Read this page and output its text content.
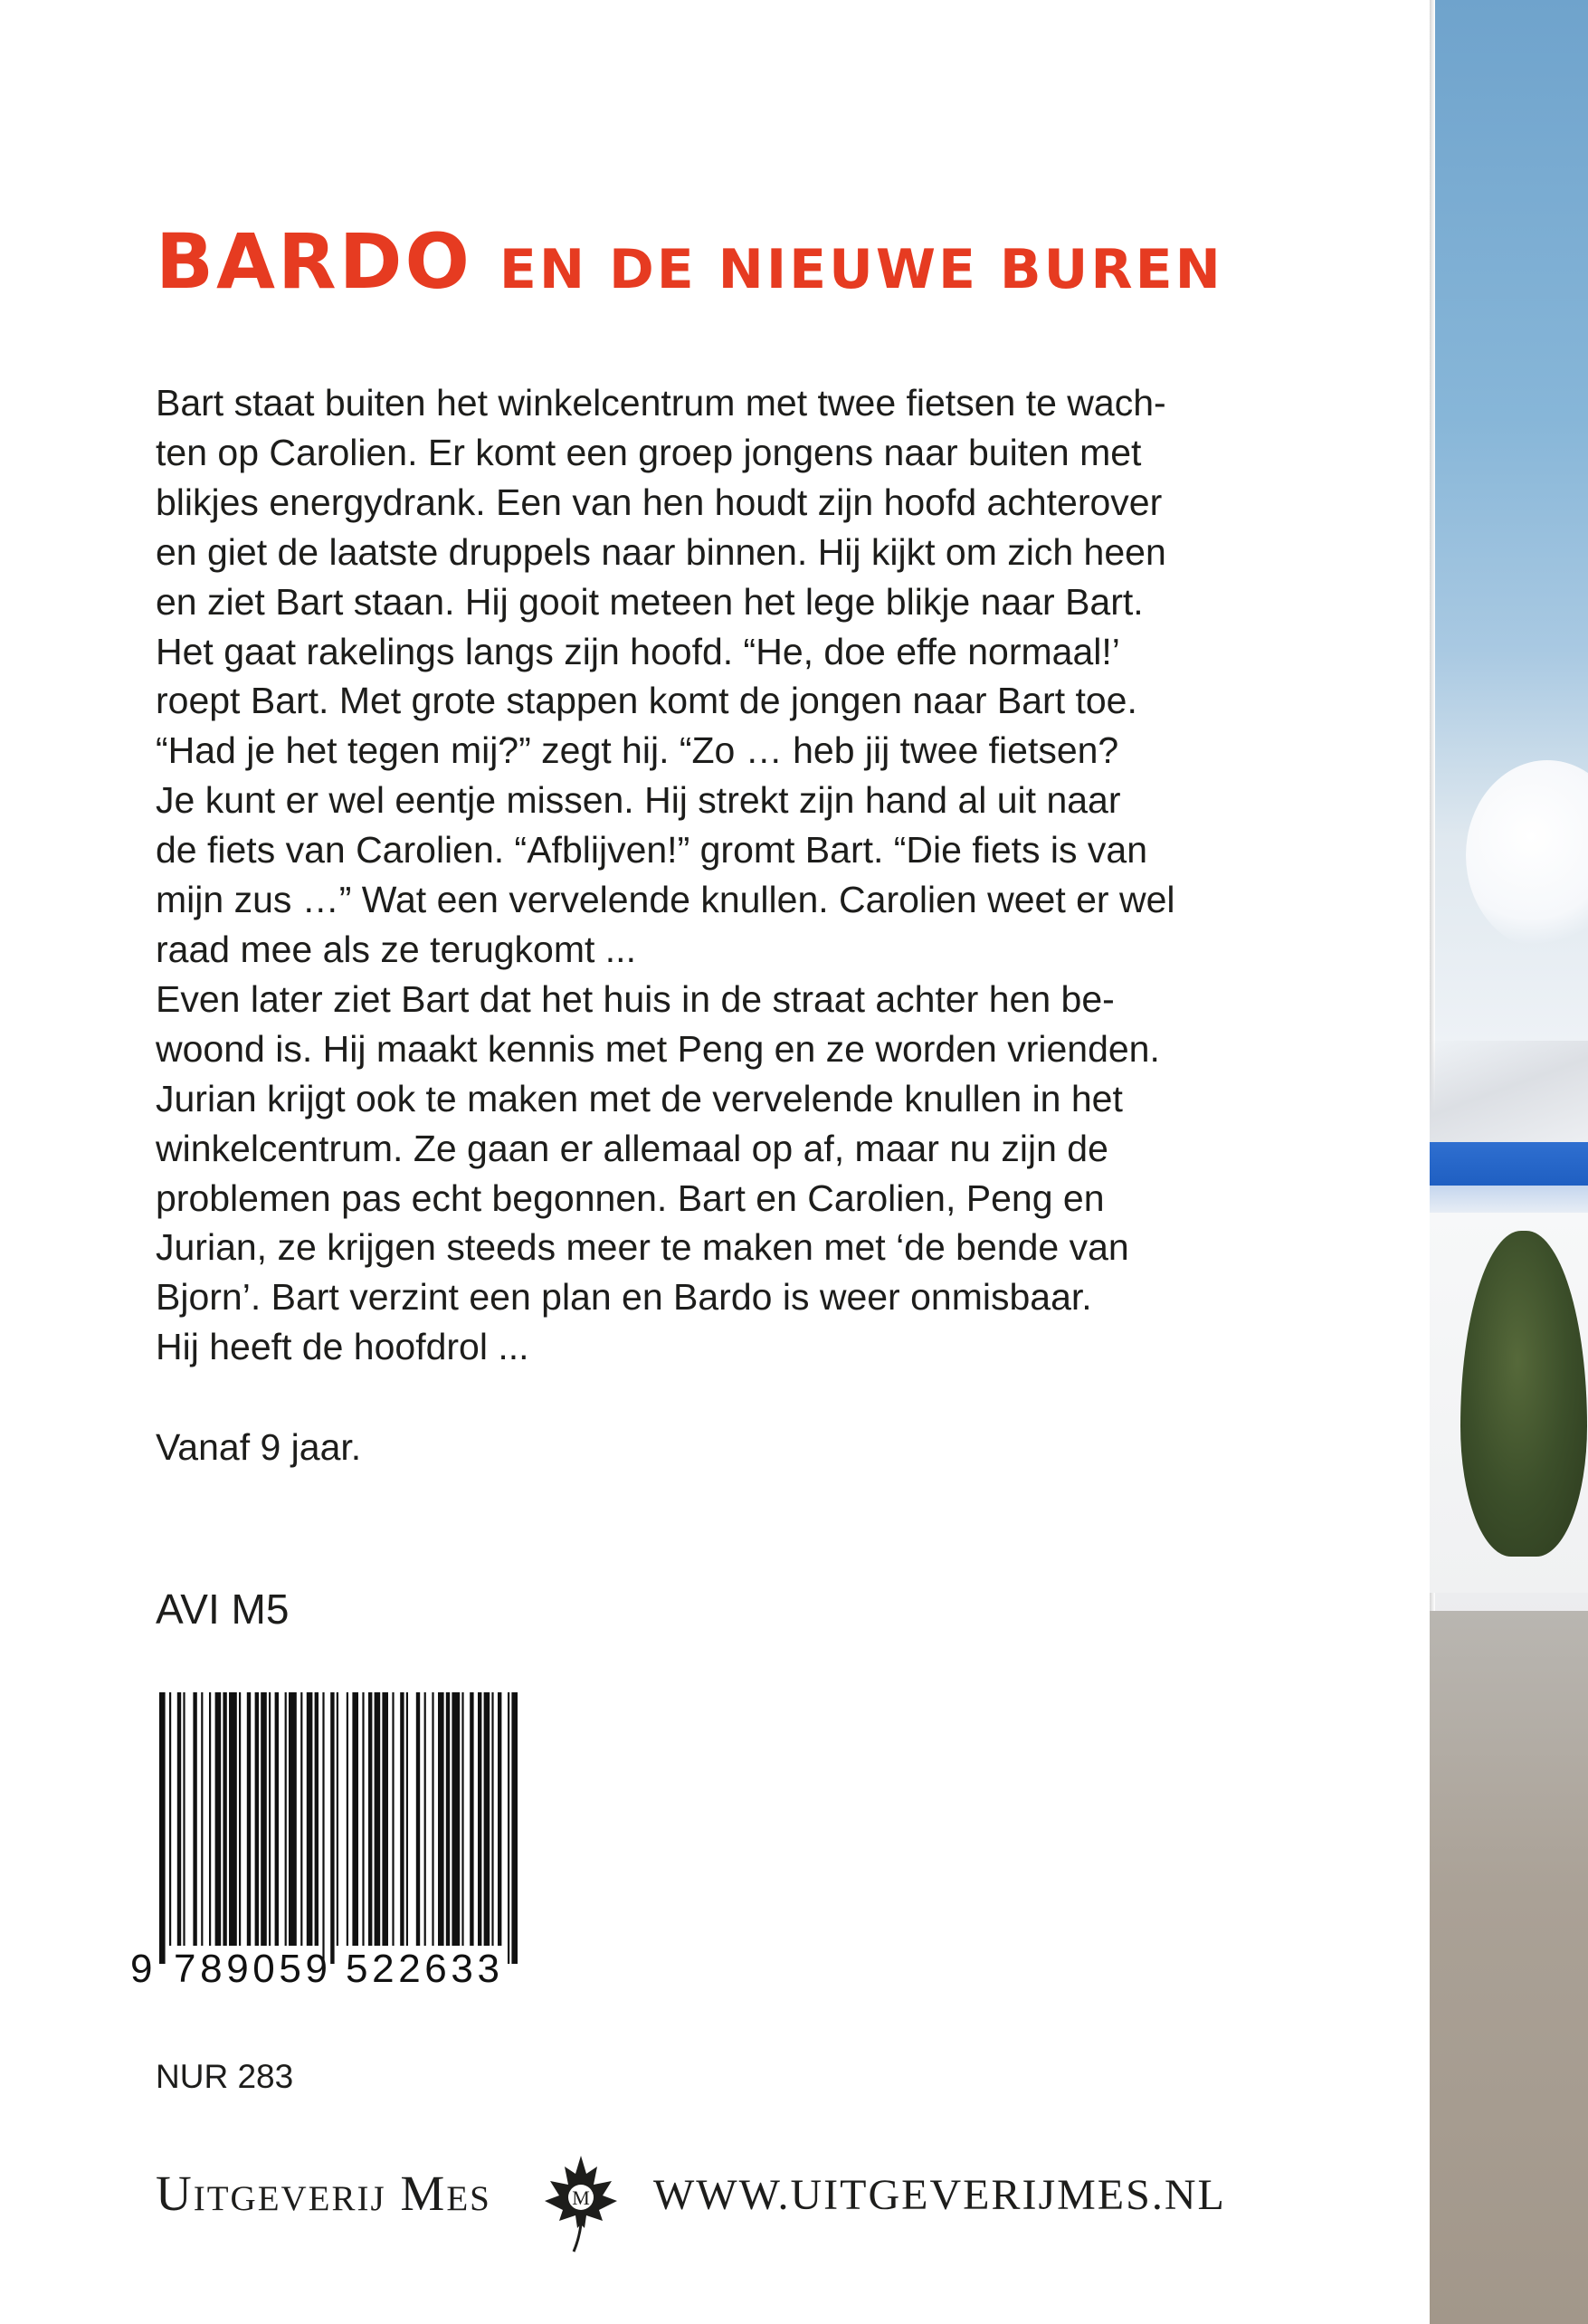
BARDO EN DE NIEUWE BUREN
Bart staat buiten het winkelcentrum met twee fietsen te wach-
ten op Carolien. Er komt een groep jongens naar buiten met
blikjes energydrank. Een van hen houdt zijn hoofd achterover
en giet de laatste druppels naar binnen. Hij kijkt om zich heen
en ziet Bart staan. Hij gooit meteen het lege blikje naar Bart.
Het gaat rakelings langs zijn hoofd. “He, doe effe normaal!’
roept Bart. Met grote stappen komt de jongen naar Bart toe.
“Had je het tegen mij?” zegt hij. “Zo … heb jij twee fietsen?
Je kunt er wel eentje missen. Hij strekt zijn hand al uit naar
de fiets van Carolien. “Afblijven!” gromt Bart. “Die fiets is van
mijn zus …” Wat een vervelende knullen. Carolien weet er wel
raad mee als ze terugkomt ...
Even later ziet Bart dat het huis in de straat achter hen be-
woond is. Hij maakt kennis met Peng en ze worden vrienden.
Jurian krijgt ook te maken met de vervelende knullen in het
winkelcentrum. Ze gaan er allemaal op af, maar nu zijn de
problemen pas echt begonnen. Bart en Carolien, Peng en
Jurian, ze krijgen steeds meer te maken met ‘de bende van
Bjorn’. Bart verzint een plan en Bardo is weer onmisbaar.
Hij heeft de hoofdrol ...
Vanaf 9 jaar.
AVI M5
9 789059 522633
NUR 283
Uitgeverij Mes	M WWW.UITGEVERIJMES.NL
